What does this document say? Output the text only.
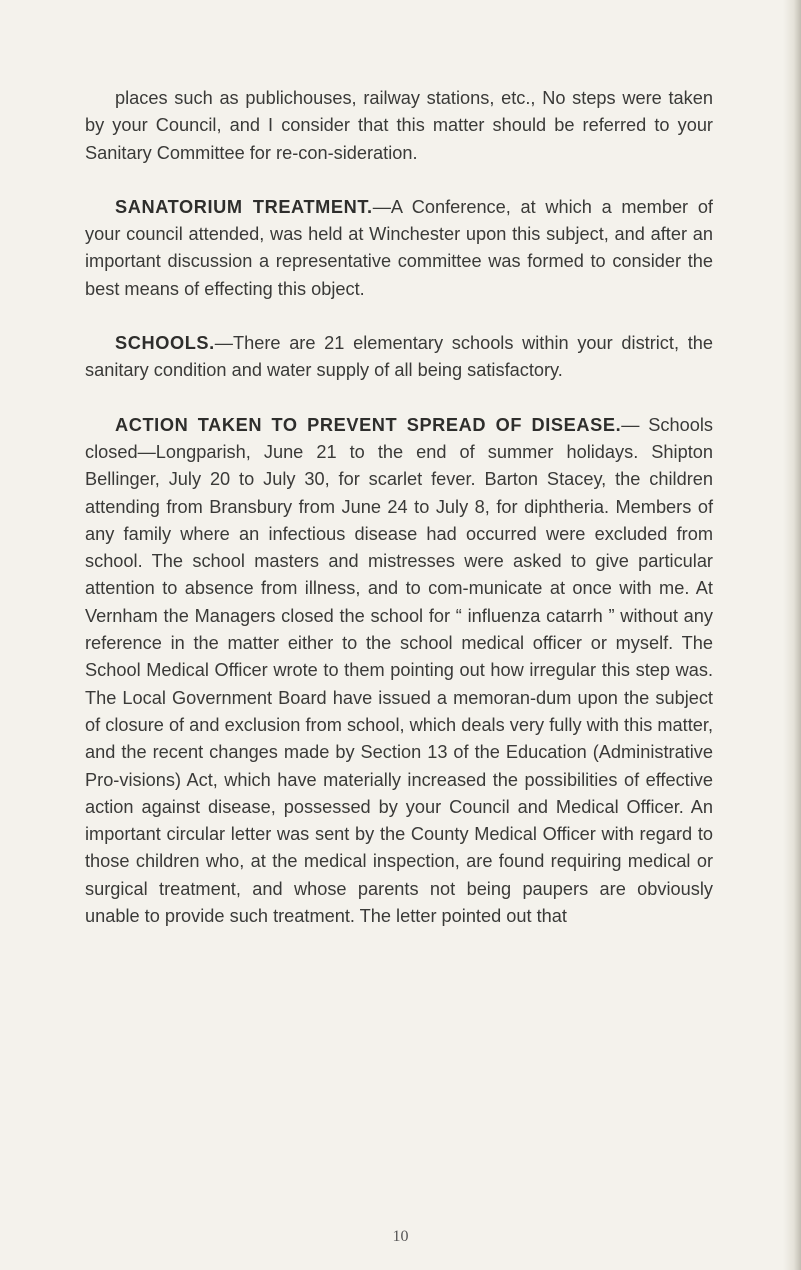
places such as publichouses, railway stations, etc., No steps were taken by your Council, and I consider that this matter should be referred to your Sanitary Committee for re-con-sideration.

SANATORIUM TREATMENT.—A Conference, at which a member of your council attended, was held at Winchester upon this subject, and after an important discussion a representative committee was formed to consider the best means of effecting this object.

SCHOOLS.—There are 21 elementary schools within your district, the sanitary condition and water supply of all being satisfactory.

ACTION TAKEN TO PREVENT SPREAD OF DISEASE.— Schools closed—Longparish, June 21 to the end of summer holidays. Shipton Bellinger, July 20 to July 30, for scarlet fever. Barton Stacey, the children attending from Bransbury from June 24 to July 8, for diphtheria. Members of any family where an infectious disease had occurred were excluded from school. The school masters and mistresses were asked to give particular attention to absence from illness, and to com-municate at once with me. At Vernham the Managers closed the school for “ influenza catarrh ” without any reference in the matter either to the school medical officer or myself. The School Medical Officer wrote to them pointing out how irregular this step was. The Local Government Board have issued a memoran-dum upon the subject of closure of and exclusion from school, which deals very fully with this matter, and the recent changes made by Section 13 of the Education (Administrative Pro-visions) Act, which have materially increased the possibilities of effective action against disease, possessed by your Council and Medical Officer. An important circular letter was sent by the County Medical Officer with regard to those children who, at the medical inspection, are found requiring medical or surgical treatment, and whose parents not being paupers are obviously unable to provide such treatment. The letter pointed out that

10
